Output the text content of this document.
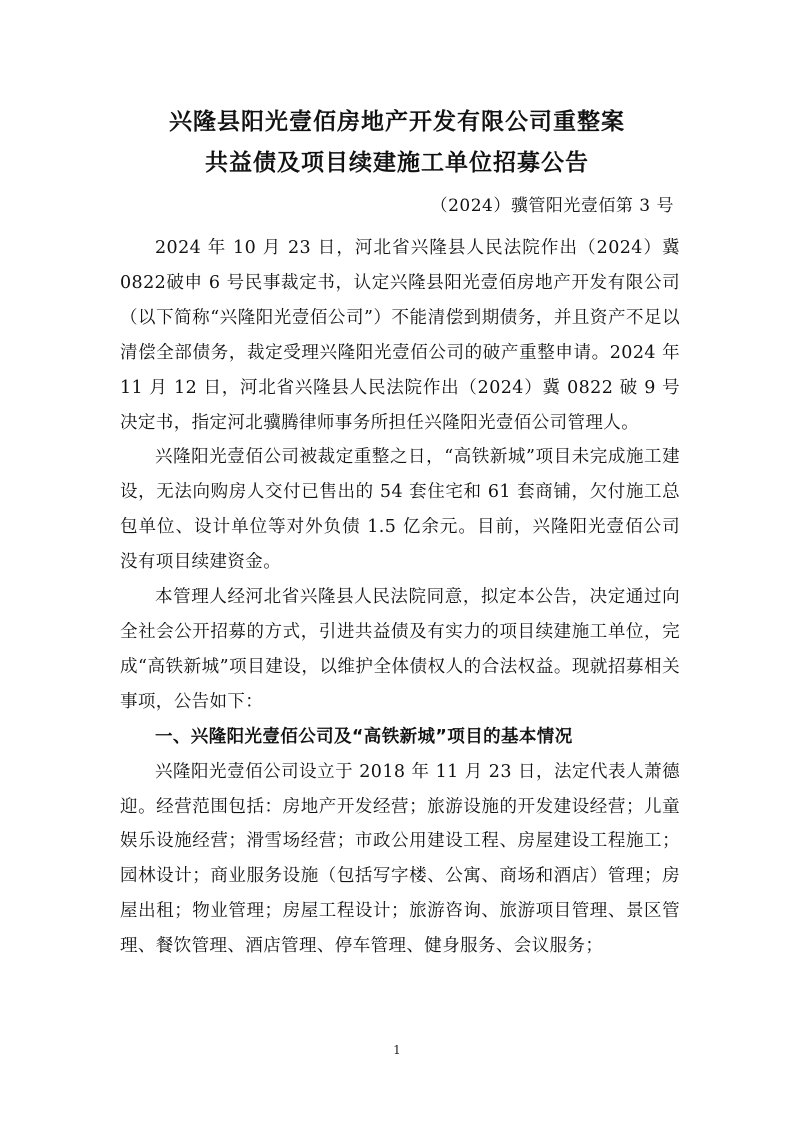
兴隆县阳光壹佰房地产开发有限公司重整案
共益债及项目续建施工单位招募公告
（2024）骥管阳光壹佰第 3 号

2024 年 10 月 23 日，河北省兴隆县人民法院作出（2024）冀 0822破申 6 号民事裁定书，认定兴隆县阳光壹佰房地产开发有限公司（以下简称“兴隆阳光壹佰公司”）不能清偿到期债务，并且资产不足以清偿全部债务，裁定受理兴隆阳光壹佰公司的破产重整申请。2024 年 11 月 12 日，河北省兴隆县人民法院作出（2024）冀 0822 破 9 号决定书，指定河北骥腾律师事务所担任兴隆阳光壹佰公司管理人。

兴隆阳光壹佰公司被裁定重整之日，“高铁新城”项目未完成施工建设，无法向购房人交付已售出的 54 套住宅和 61 套商铺，欠付施工总包单位、设计单位等对外负债 1.5 亿余元。目前，兴隆阳光壹佰公司没有项目续建资金。

本管理人经河北省兴隆县人民法院同意，拟定本公告，决定通过向全社会公开招募的方式，引进共益债及有实力的项目续建施工单位，完成“高铁新城”项目建设，以维护全体债权人的合法权益。现就招募相关事项，公告如下：

一、兴隆阳光壹佰公司及“高铁新城”项目的基本情况

兴隆阳光壹佰公司设立于 2018 年 11 月 23 日，法定代表人萧德迎。经营范围包括：房地产开发经营；旅游设施的开发建设经营；儿童娱乐设施经营；滑雪场经营；市政公用建设工程、房屋建设工程施工；园林设计；商业服务设施（包括写字楼、公寓、商场和酒店）管理；房屋出租；物业管理；房屋工程设计；旅游咨询、旅游项目管理、景区管理、餐饮管理、酒店管理、停车管理、健身服务、会议服务；

1
